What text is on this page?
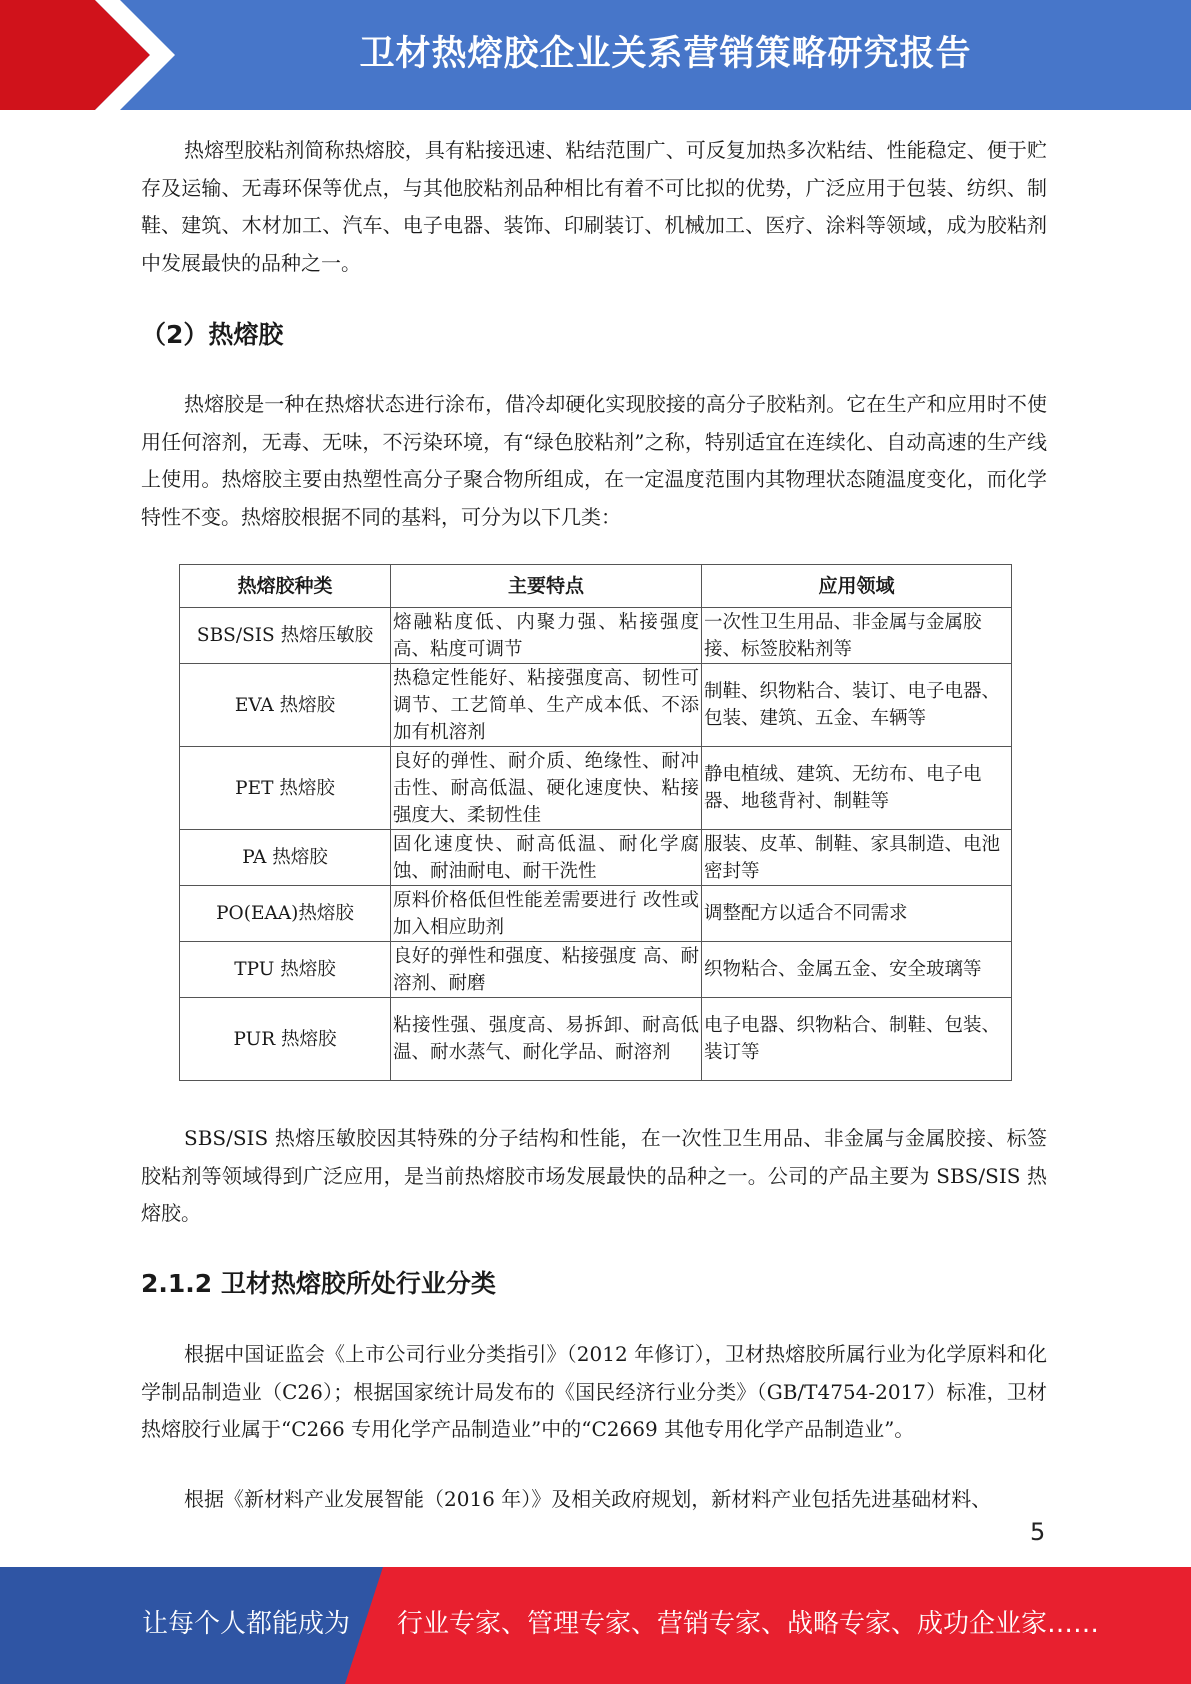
卫材热熔胶企业关系营销策略研究报告
热熔型胶粘剂简称热熔胶，具有粘接迅速、粘结范围广、可反复加热多次粘结、性能稳定、便于贮存及运输、无毒环保等优点，与其他胶粘剂品种相比有着不可比拟的优势，广泛应用于包装、纺织、制鞋、建筑、木材加工、汽车、电子电器、装饰、印刷装订、机械加工、医疗、涂料等领域，成为胶粘剂中发展最快的品种之一。
（2）热熔胶
热熔胶是一种在热熔状态进行涂布，借冷却硬化实现胶接的高分子胶粘剂。它在生产和应用时不使用任何溶剂，无毒、无味，不污染环境，有“绿色胶粘剂”之称，特别适宜在连续化、自动高速的生产线上使用。热熔胶主要由热塑性高分子聚合物所组成，在一定温度范围内其物理状态随温度变化，而化学特性不变。热熔胶根据不同的基料，可分为以下几类：
热熔胶种类	主要特点	应用领域
SBS/SIS 热熔压敏胶	熔融粘度低、内聚力强、粘接强度高、粘度可调节	一次性卫生用品、非金属与金属胶接、标签胶粘剂等
EVA 热熔胶	热稳定性能好、粘接强度高、韧性可调节、工艺简单、生产成本低、不添加有机溶剂	制鞋、织物粘合、装订、电子电器、包装、建筑、五金、车辆等
PET 热熔胶	良好的弹性、耐介质、绝缘性、耐冲击性、耐高低温、硬化速度快、粘接强度大、柔韧性佳	静电植绒、建筑、无纺布、电子电器、地毯背衬、制鞋等
PA 热熔胶	固化速度快、耐高低温、耐化学腐蚀、耐油耐电、耐干洗性	服装、皮革、制鞋、家具制造、电池密封等
PO(EAA)热熔胶	原料价格低但性能差需要进行 改性或加入相应助剂	调整配方以适合不同需求
TPU 热熔胶	良好的弹性和强度、粘接强度 高、耐溶剂、耐磨	织物粘合、金属五金、安全玻璃等
PUR 热熔胶	粘接性强、强度高、易拆卸、耐高低温、耐水蒸气、耐化学品、耐溶剂	电子电器、织物粘合、制鞋、包装、装订等
SBS/SIS 热熔压敏胶因其特殊的分子结构和性能，在一次性卫生用品、非金属与金属胶接、标签胶粘剂等领域得到广泛应用，是当前热熔胶市场发展最快的品种之一。公司的产品主要为 SBS/SIS 热熔胶。
2.1.2 卫材热熔胶所处行业分类
根据中国证监会《上市公司行业分类指引》（2012 年修订），卫材热熔胶所属行业为化学原料和化学制品制造业（C26）；根据国家统计局发布的《国民经济行业分类》（GB/T4754-2017）标准，卫材热熔胶行业属于“C266 专用化学产品制造业”中的“C2669 其他专用化学产品制造业”。
根据《新材料产业发展智能（2016 年）》及相关政府规划，新材料产业包括先进基础材料、
5
让每个人都能成为 行业专家、管理专家、营销专家、战略专家、成功企业家……
